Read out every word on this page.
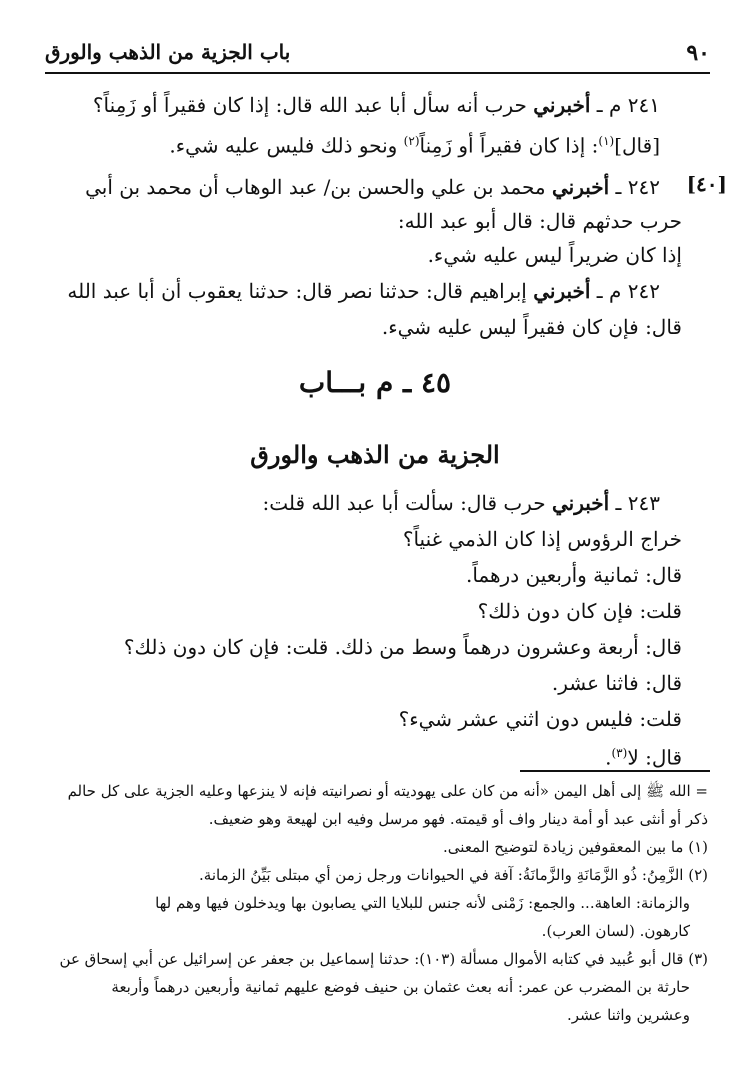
٩٠
باب الجزية من الذهب والورق
٢٤١ م ـ أخبرني حرب أنه سأل أبا عبد الله قال: إذا كان فقيراً أو زَمِناً؟
[قال]$^{(١)}$: إذا كان فقيراً أو زَمِناً$^{(٢)}$ ونحو ذلك فليس عليه شيء.
[٤٠]
٢٤٢ ـ أخبرني محمد بن علي والحسن بن/ عبد الوهاب أن محمد بن أبي
حرب حدثهم قال: قال أبو عبد الله:
إذا كان ضريراً ليس عليه شيء.
٢٤٢ م ـ أخبرني إبراهيم قال: حدثنا نصر قال: حدثنا يعقوب أن أبا عبد الله
قال: فإن كان فقيراً ليس عليه شيء.
٤٥ ـ م بـــاب
الجزية من الذهب والورق
٢٤٣ ـ أخبرني حرب قال: سألت أبا عبد الله قلت:
خراج الرؤوس إذا كان الذمي غنياً؟
قال: ثمانية وأربعين درهماً.
قلت: فإن كان دون ذلك؟
قال: أربعة وعشرون درهماً وسط من ذلك. قلت: فإن كان دون ذلك؟
قال: فاثنا عشر.
قلت: فليس دون اثني عشر شيء؟
قال: لا$^{(٣)}$.
= الله ﷺ إلى أهل اليمن «أنه من كان على يهوديته أو نصرانيته فإنه لا ينزعها وعليه الجزية على كل حالم
ذكر أو أنثى عبد أو أمة دينار واف أو قيمته. فهو مرسل وفيه ابن لهيعة وهو ضعيف.
(١) ما بين المعقوفين زيادة لتوضيح المعنى.
(٢) الزَّمِنُ: ذُو الزَّمَانَةِ والزَّمانَةُ: آفة في الحيوانات ورجل زمن أي مبتلى بَيِّنُ الزمانة.
والزمانة: العاهة... والجمع: زَمْنى لأنه جنس للبلايا التي يصابون بها ويدخلون فيها وهم لها
كارهون. (لسان العرب).
(٣) قال أبو عُبيد في كتابه الأموال مسألة (١٠٣): حدثنا إسماعيل بن جعفر عن إسرائيل عن أبي إسحاق عن
حارثة بن المضرب عن عمر: أنه بعث عثمان بن حنيف فوضع عليهم ثمانية وأربعين درهماً وأربعة
وعشرين واثنا عشر.
